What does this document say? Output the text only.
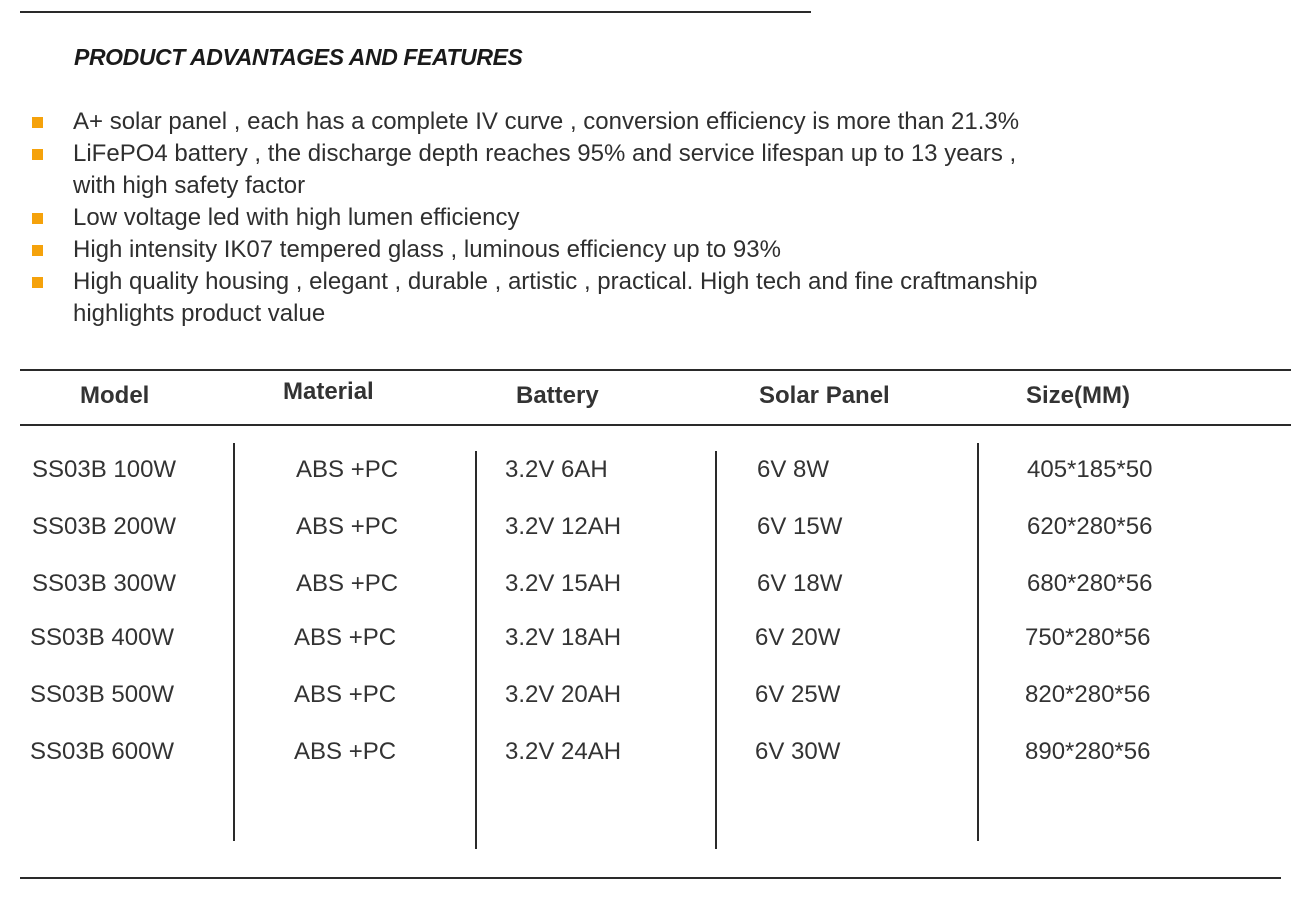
PRODUCT ADVANTAGES AND FEATURES
A+ solar panel , each has a complete IV curve , conversion efficiency is more than 21.3%
LiFePO4 battery , the discharge depth reaches 95% and service lifespan up to 13 years ,
with high safety factor
Low voltage led with high lumen efficiency
High intensity IK07 tempered glass , luminous efficiency up to 93%
High quality housing , elegant , durable , artistic , practical. High tech and fine craftmanship
highlights product value
Model	Material	Battery	Solar Panel	Size(MM)
SS03B 100W	ABS +PC	3.2V 6AH	6V 8W	405*185*50
SS03B 200W	ABS +PC	3.2V 12AH	6V 15W	620*280*56
SS03B 300W	ABS +PC	3.2V 15AH	6V 18W	680*280*56
SS03B 400W	ABS +PC	3.2V 18AH	6V 20W	750*280*56
SS03B 500W	ABS +PC	3.2V 20AH	6V 25W	820*280*56
SS03B 600W	ABS +PC	3.2V 24AH	6V 30W	890*280*56
